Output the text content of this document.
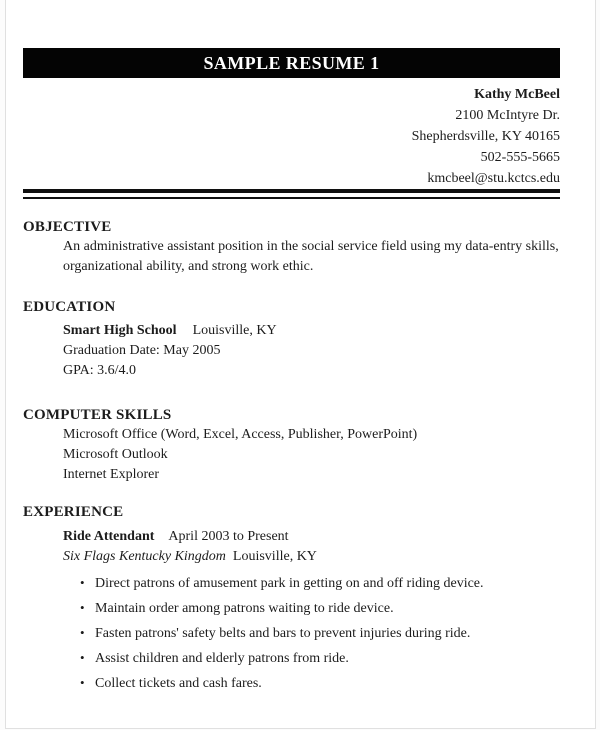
SAMPLE RESUME 1
Kathy McBeel
2100 McIntyre Dr.
Shepherdsville, KY 40165
502-555-5665
kmcbeel@stu.kctcs.edu
OBJECTIVE
An administrative assistant position in the social service field using my data-entry skills,
organizational ability, and strong work ethic.
EDUCATION
Smart High School Louisville, KY
Graduation Date: May 2005
GPA: 3.6/4.0
COMPUTER SKILLS
Microsoft Office (Word, Excel, Access, Publisher, PowerPoint)
Microsoft Outlook
Internet Explorer
EXPERIENCE
Ride Attendant April 2003 to Present
Six Flags Kentucky Kingdom Louisville, KY
• Direct patrons of amusement park in getting on and off riding device.
• Maintain order among patrons waiting to ride device.
• Fasten patrons' safety belts and bars to prevent injuries during ride.
• Assist children and elderly patrons from ride.
• Collect tickets and cash fares.
